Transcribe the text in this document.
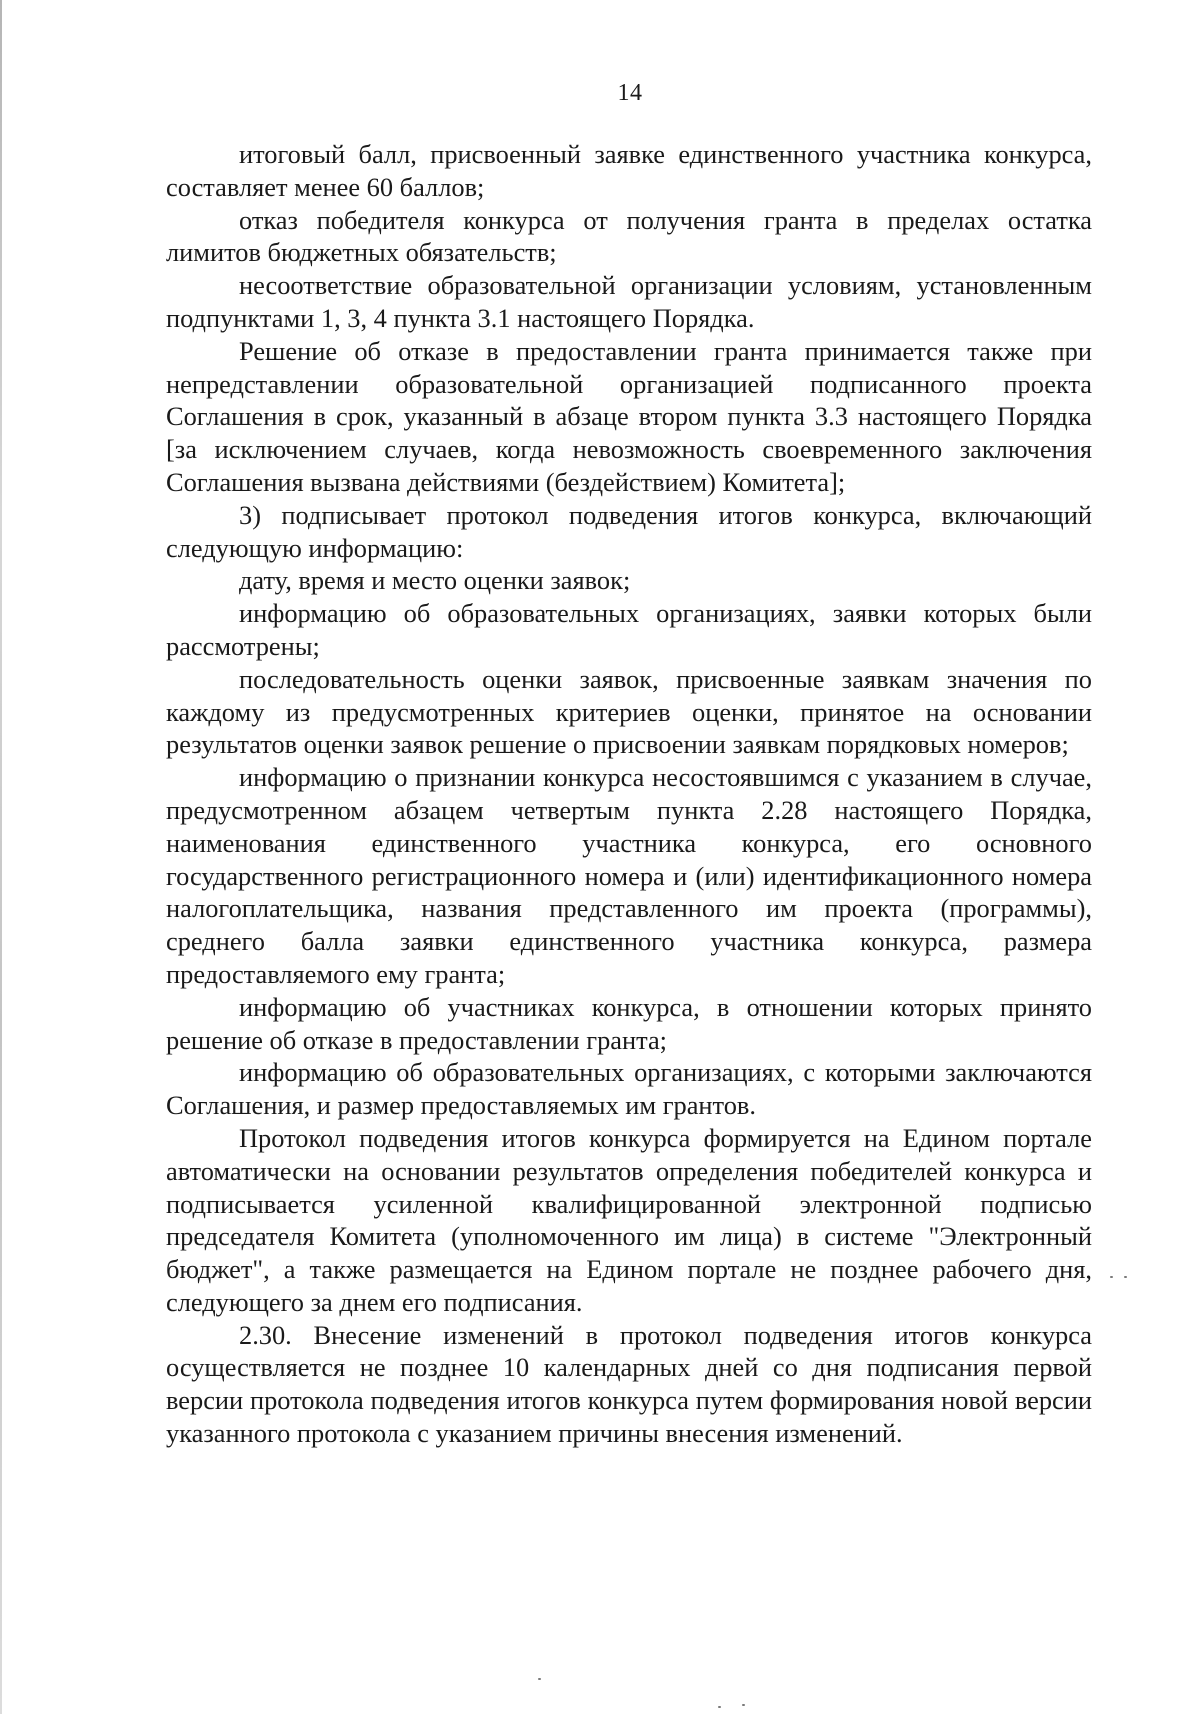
14

итоговый балл, присвоенный заявке единственного участника конкурса, составляет менее 60 баллов;

отказ победителя конкурса от получения гранта в пределах остатка лимитов бюджетных обязательств;

несоответствие образовательной организации условиям, установленным подпунктами 1, 3, 4 пункта 3.1 настоящего Порядка.

Решение об отказе в предоставлении гранта принимается также при непредставлении образовательной организацией подписанного проекта Соглашения в срок, указанный в абзаце втором пункта 3.3 настоящего Порядка [за исключением случаев, когда невозможность своевременного заключения Соглашения вызвана действиями (бездействием) Комитета];

3) подписывает протокол подведения итогов конкурса, включающий следующую информацию:

дату, время и место оценки заявок;

информацию об образовательных организациях, заявки которых были рассмотрены;

последовательность оценки заявок, присвоенные заявкам значения по каждому из предусмотренных критериев оценки, принятое на основании результатов оценки заявок решение о присвоении заявкам порядковых номеров;

информацию о признании конкурса несостоявшимся с указанием в случае, предусмотренном абзацем четвертым пункта 2.28 настоящего Порядка, наименования единственного участника конкурса, его основного государственного регистрационного номера и (или) идентификационного номера налогоплательщика, названия представленного им проекта (программы), среднего балла заявки единственного участника конкурса, размера предоставляемого ему гранта;

информацию об участниках конкурса, в отношении которых принято решение об отказе в предоставлении гранта;

информацию об образовательных организациях, с которыми заключаются Соглашения, и размер предоставляемых им грантов.

Протокол подведения итогов конкурса формируется на Едином портале автоматически на основании результатов определения победителей конкурса и подписывается усиленной квалифицированной электронной подписью председателя Комитета (уполномоченного им лица) в системе "Электронный бюджет", а также размещается на Едином портале не позднее рабочего дня, следующего за днем его подписания.

2.30. Внесение изменений в протокол подведения итогов конкурса осуществляется не позднее 10 календарных дней со дня подписания первой версии протокола подведения итогов конкурса путем формирования новой версии указанного протокола с указанием причины внесения изменений.
